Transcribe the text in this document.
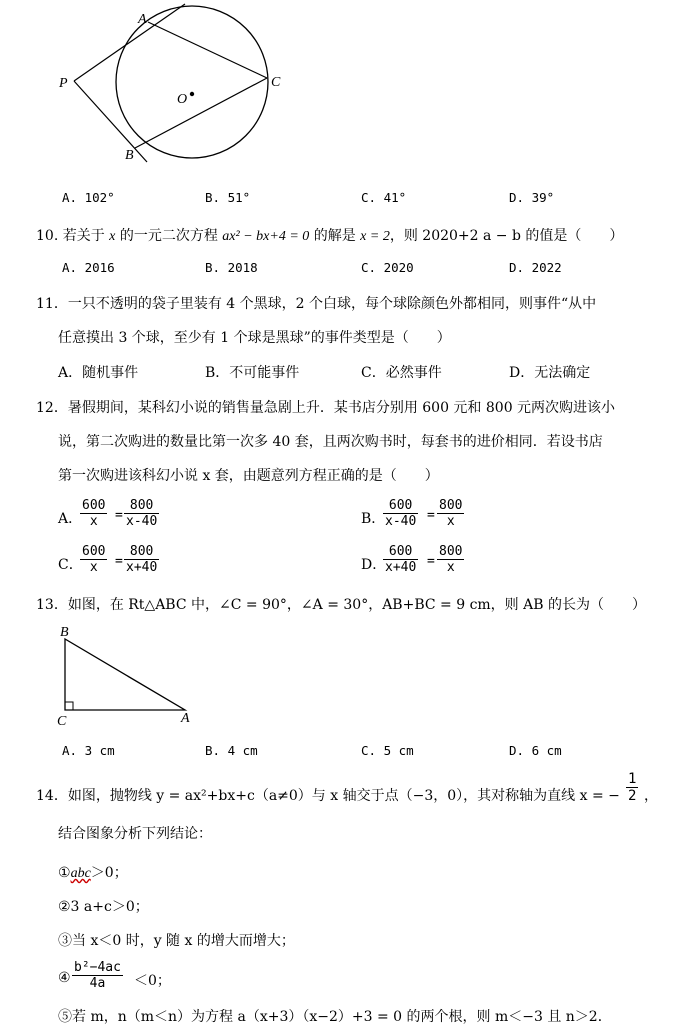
A
P	C
O
B
A. 102°	B. 51°	C. 41°	D. 39°
10. 若关于 x 的一元二次方程 ax² − bx+4 = 0 的解是 x = 2，则 2020+2 a − b 的值是（　　）
A. 2016	B. 2018	C. 2020	D. 2022
11．一只不透明的袋子里装有 4 个黑球，2 个白球，每个球除颜色外都相同，则事件“从中
任意摸出 3 个球，至少有 1 个球是黑球”的事件类型是（　　）
A．随机事件	B．不可能事件	C．必然事件	D．无法确定
12．暑假期间，某科幻小说的销售量急剧上升．某书店分别用 600 元和 800 元两次购进该小
说，第二次购进的数量比第一次多 40 套，且两次购书时，每套书的进价相同．若设书店
第一次购进该科幻小说 x 套，由题意列方程正确的是（　　）
A．
$\frac{600}{x} = \frac{800}{x-40}$	B．
$\frac{600}{x-40} = \frac{800}{x}$
C．
$\frac{600}{x} = \frac{800}{x+40}$	D．
$\frac{600}{x+40} = \frac{800}{x}$
13．如图，在 Rt△ABC 中，∠C = 90°，∠A = 30°，AB+BC = 9 cm，则 AB 的长为（　　）
B
C	A
A. 3 cm	B. 4 cm	C. 5 cm	D. 6 cm
14．如图，抛物线 y = ax²+bx+c（a≠0）与 x 轴交于点（−3，0），其对称轴为直线 x = − $\frac{1}{2}$ ，
结合图象分析下列结论：
①abc＞0；
②3 a+c＞0；
③当 x＜0 时，y 随 x 的增大而增大；
④ $\frac{\text{b²−4ac}}{4a} <0$；
⑤若 m，n（m＜n）为方程 a（x+3）（x−2）+3 = 0 的两个根，则 m＜−3 且 n＞2．
